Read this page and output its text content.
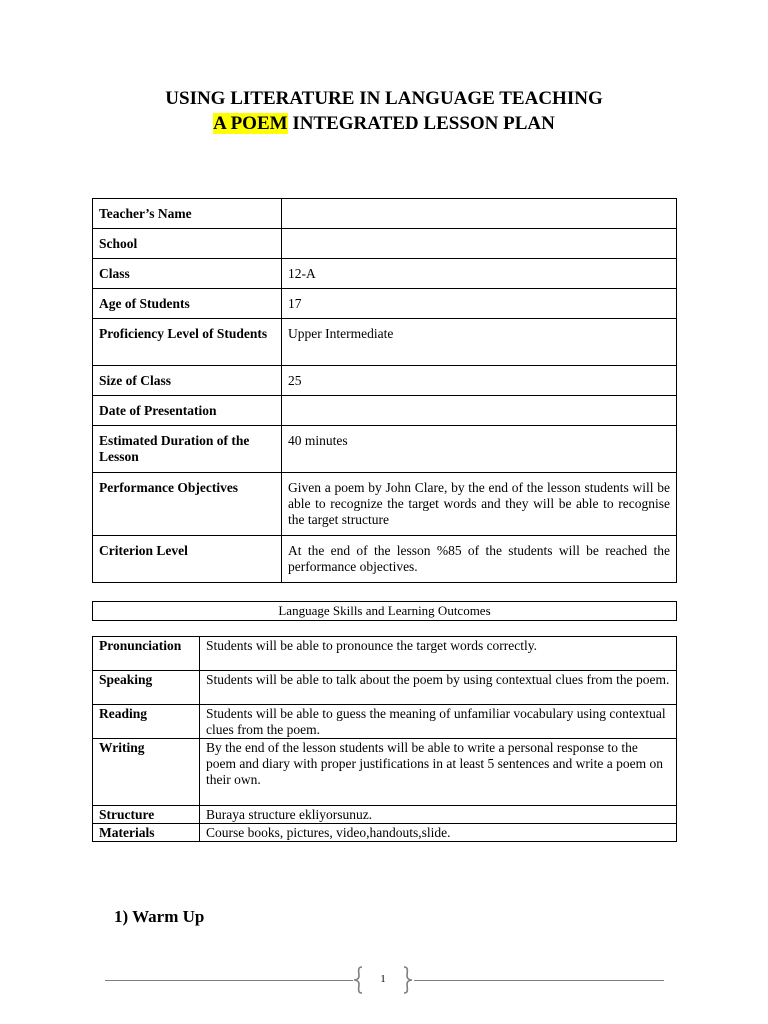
USING LITERATURE IN LANGUAGE TEACHING
A POEM INTEGRATED LESSON PLAN
Teacher’s Name	
School	
Class	12-A
Age of Students	17
Proficiency Level of Students	Upper Intermediate
Size of Class	25
Date of Presentation	
Estimated Duration of the Lesson	40 minutes
Performance Objectives	Given a poem by John Clare, by the end of the lesson students will be able to recognize the target words and they will be able to recognise the target structure
Criterion Level	At the end of the lesson %85 of the students will be reached the performance objectives.
Language Skills and Learning Outcomes
Pronunciation	Students will be able to pronounce the target words correctly.
Speaking	Students will be able to talk about the poem by using contextual clues from the poem.
Reading	Students will be able to guess the meaning of unfamiliar vocabulary using contextual clues from the poem.
Writing	By the end of the lesson students will be able to write a personal response to the poem and diary with proper justifications in at least 5 sentences and write a poem on their own.
Structure	Buraya structure ekliyorsunuz.
Materials	Course books, pictures, video,handouts,slide.
1) Warm Up
1
